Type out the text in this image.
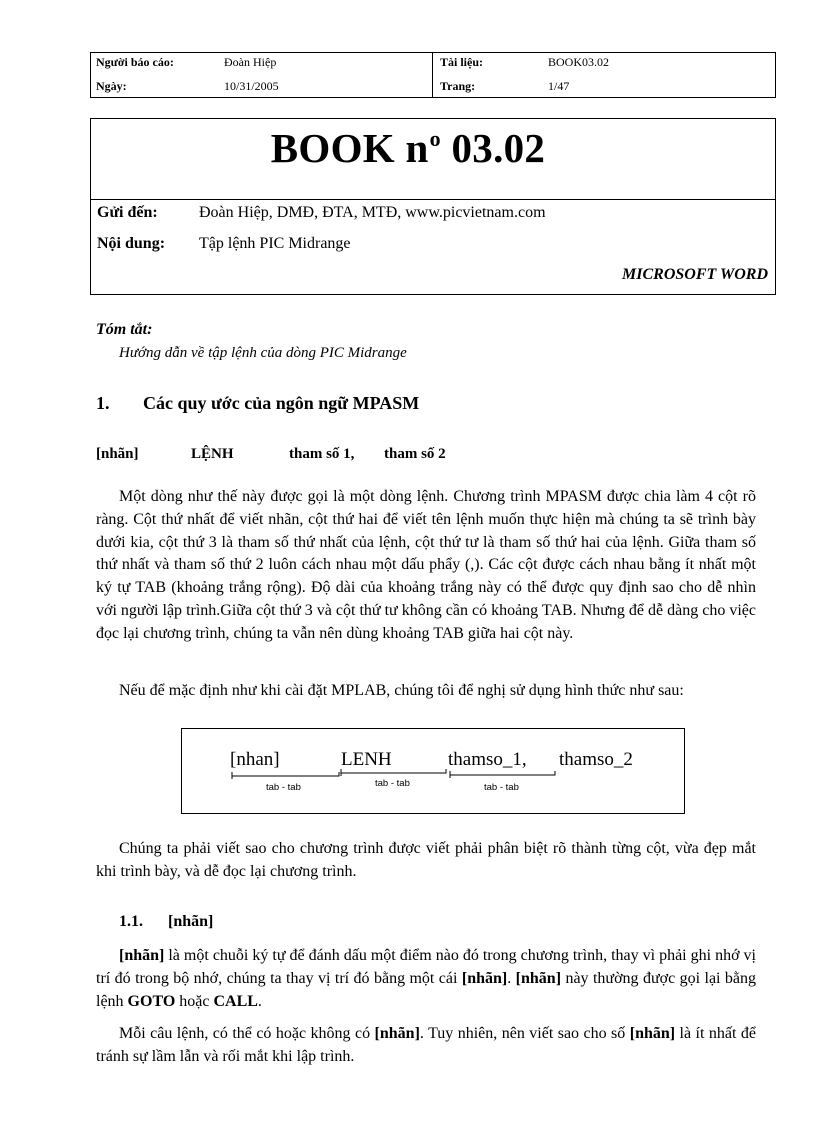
Người báo cáo:	Đoàn Hiệp
Ngày:	10/31/2005
Tài liệu:	BOOK03.02
Trang:	1/47
BOOK $n^o$ 03.02
Gửi đến:	Đoàn Hiệp, DMĐ, ĐTA, MTĐ, www.picvietnam.com
Nội dung: Tập lệnh PIC Midrange
MICROSOFT WORD
Tóm tắt:
Hướng dẫn về tập lệnh của dòng PIC Midrange
1. Các quy ước của ngôn ngữ MPASM
[nhãn]	LỆNH	tham số 1, tham số 2

Một dòng như thế này được gọi là một dòng lệnh. Chương trình MPASM được chia làm 4 cột rõ ràng. Cột thứ nhất để viết nhãn, cột thứ hai để viết tên lệnh muốn thực hiện mà chúng ta sẽ trình bày dưới kia, cột thứ 3 là tham số thứ nhất của lệnh, cột thứ tư là tham số thứ hai của lệnh. Giữa tham số thứ nhất và tham số thứ 2 luôn cách nhau một dấu phẩy (,). Các cột được cách nhau bằng ít nhất một ký tự TAB (khoảng trắng rộng). Độ dài của khoảng trắng này có thể được quy định sao cho dễ nhìn với người lập trình.Giữa cột thứ 3 và cột thứ tư không cần có khoảng TAB. Nhưng để dễ dàng cho việc đọc lại chương trình, chúng ta vẫn nên dùng khoảng TAB giữa hai cột này.

Nếu để mặc định như khi cài đặt MPLAB, chúng tôi để nghị sử dụng hình thức như sau:

[nhan]	LENH	thamso_1, thamso_2
tab - tab	tab - tab	tab - tab

Chúng ta phải viết sao cho chương trình được viết phải phân biệt rõ thành từng cột, vừa đẹp mắt khi trình bày, và dễ đọc lại chương trình.

1.1. [nhãn]

[nhãn] là một chuỗi ký tự để đánh dấu một điểm nào đó trong chương trình, thay vì phải ghi nhớ vị trí đó trong bộ nhớ, chúng ta thay vị trí đó bằng một cái [nhãn]. [nhãn] này thường được gọi lại bằng lệnh GOTO hoặc CALL.

Mỗi câu lệnh, có thể có hoặc không có [nhãn]. Tuy nhiên, nên viết sao cho số [nhãn] là ít nhất để tránh sự lầm lẫn và rối mắt khi lập trình.
